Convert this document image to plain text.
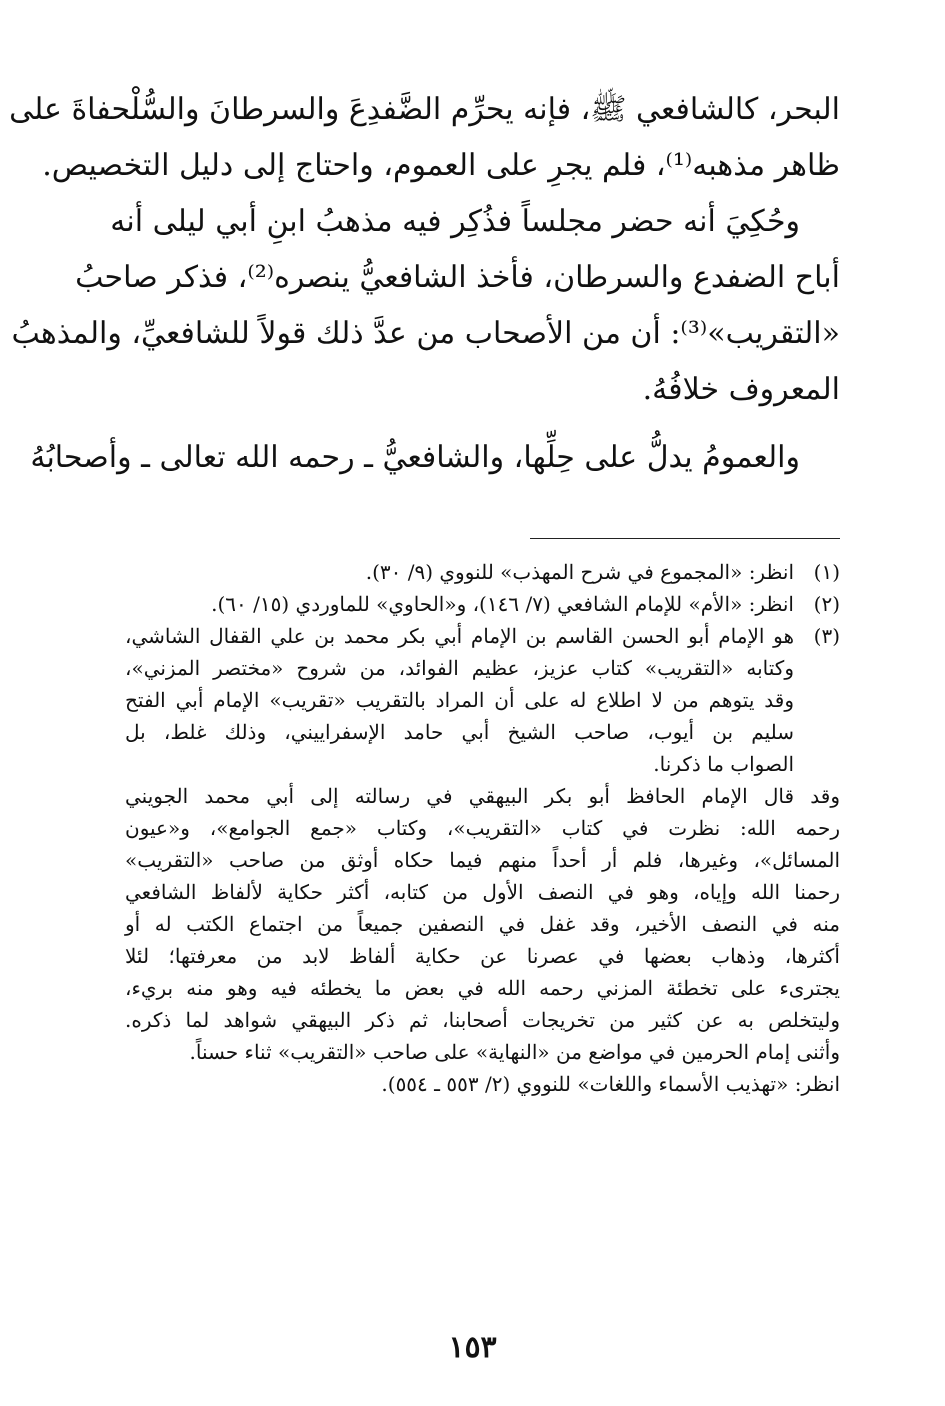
البحر، كالشافعي ﷺ، فإنه يحرِّم الضَّفدِعَ والسرطانَ والسُّلْحفاةَ على
ظاهر مذهبه⁽¹⁾، فلم يجرِ على العموم، واحتاج إلى دليل التخصيص.
وحُكِيَ أنه حضر مجلساً فذُكِر فيه مذهبُ ابنِ أبي ليلى أنه
أباح الضفدع والسرطان، فأخذ الشافعيُّ ينصره⁽²⁾، فذكر صاحبُ
«التقريب»⁽³⁾: أن من الأصحاب من عدَّ ذلك قولاً للشافعيِّ، والمذهبُ
المعروف خلافُهُ.
والعمومُ يدلُّ على حِلِّها، والشافعيُّ ـ رحمه الله تعالى ـ وأصحابُهُ
(١)
انظر: «المجموع في شرح المهذب» للنووي (٩/ ٣٠).
(٢)
انظر: «الأم» للإمام الشافعي (٧/ ١٤٦)، و«الحاوي» للماوردي (١٥/ ٦٠).
(٣)
هو الإمام أبو الحسن القاسم بن الإمام أبي بكر محمد بن علي القفال الشاشي،
وكتابه «التقريب» كتاب عزيز، عظيم الفوائد، من شروح «مختصر المزني»،
وقد يتوهم من لا اطلاع له على أن المراد بالتقريب «تقريب» الإمام أبي الفتح
سليم بن أيوب، صاحب الشيخ أبي حامد الإسفراييني، وذلك غلط، بل
الصواب ما ذكرنا.
وقد قال الإمام الحافظ أبو بكر البيهقي في رسالته إلى أبي محمد الجويني
رحمه الله: نظرت في كتاب «التقريب»، وكتاب «جمع الجوامع»، و«عيون
المسائل»، وغيرها، فلم أر أحداً منهم فيما حكاه أوثق من صاحب «التقريب»
رحمنا الله وإياه، وهو في النصف الأول من كتابه، أكثر حكاية لألفاظ الشافعي
منه في النصف الأخير، وقد غفل في النصفين جميعاً من اجتماع الكتب له أو
أكثرها، وذهاب بعضها في عصرنا عن حكاية ألفاظ لابد من معرفتها؛ لئلا
يجترىء على تخطئة المزني رحمه الله في بعض ما يخطئه فيه وهو منه بريء،
وليتخلص به عن كثير من تخريجات أصحابنا، ثم ذكر البيهقي شواهد لما ذكره.
وأثنى إمام الحرمين في مواضع من «النهاية» على صاحب «التقريب» ثناء حسناً.
انظر: «تهذيب الأسماء واللغات» للنووي (٢/ ٥٥٣ ـ ٥٥٤).
١٥٣
